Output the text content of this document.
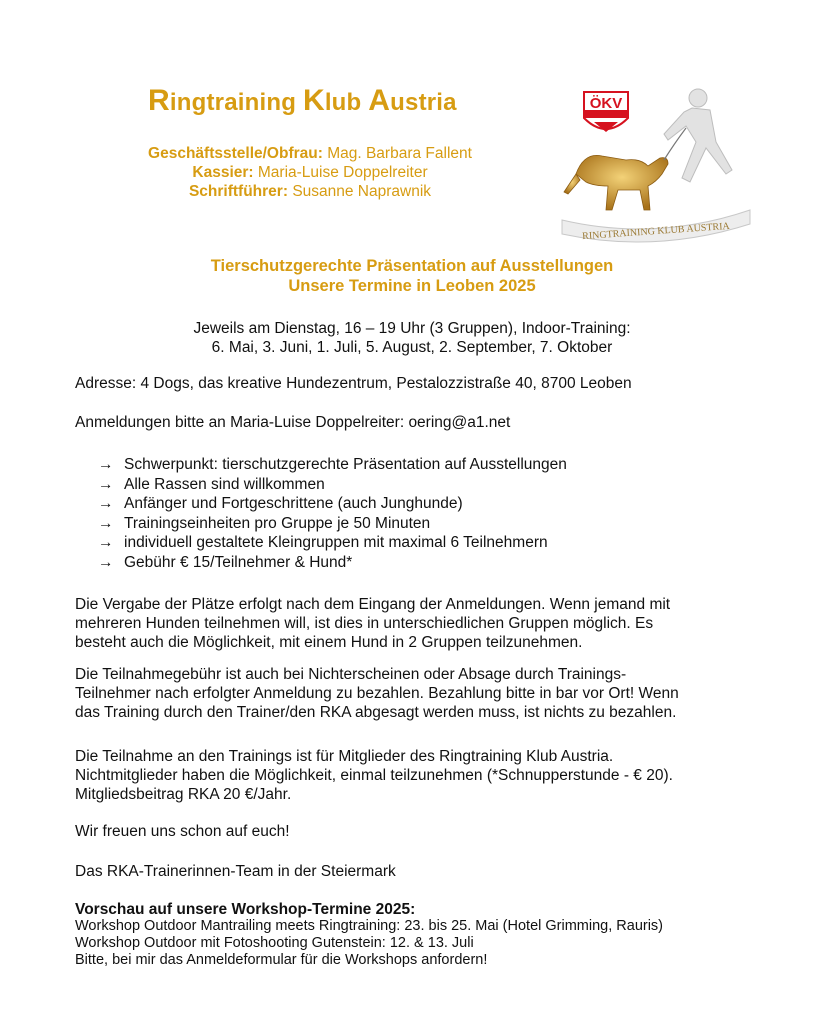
Ringtraining Klub Austria
Geschäftsstelle/Obfrau: Mag. Barbara Fallent
Kassier: Maria-Luise Doppelreiter
Schriftführer: Susanne Naprawnik
ÖKV
RINGTRAINING KLUB AUSTRIA
Tierschutzgerechte Präsentation auf Ausstellungen
Unsere Termine in Leoben 2025
Jeweils am Dienstag, 16 – 19 Uhr (3 Gruppen), Indoor-Training:
6. Mai, 3. Juni, 1. Juli, 5. August, 2. September, 7. Oktober

Adresse: 4 Dogs, das kreative Hundezentrum, Pestalozzistraße 40, 8700 Leoben

Anmeldungen bitte an Maria-Luise Doppelreiter: oering@a1.net

→ Schwerpunkt: tierschutzgerechte Präsentation auf Ausstellungen
→ Alle Rassen sind willkommen
→ Anfänger und Fortgeschrittene (auch Junghunde)
→ Trainingseinheiten pro Gruppe je 50 Minuten
→ individuell gestaltete Kleingruppen mit maximal 6 Teilnehmern
→ Gebühr € 15/Teilnehmer & Hund*
Die Vergabe der Plätze erfolgt nach dem Eingang der Anmeldungen. Wenn jemand mit
mehreren Hunden teilnehmen will, ist dies in unterschiedlichen Gruppen möglich. Es
besteht auch die Möglichkeit, mit einem Hund in 2 Gruppen teilzunehmen.
Die Teilnahmegebühr ist auch bei Nichterscheinen oder Absage durch Trainings-
Teilnehmer nach erfolgter Anmeldung zu bezahlen. Bezahlung bitte in bar vor Ort! Wenn
das Training durch den Trainer/den RKA abgesagt werden muss, ist nichts zu bezahlen.
Die Teilnahme an den Trainings ist für Mitglieder des Ringtraining Klub Austria.
Nichtmitglieder haben die Möglichkeit, einmal teilzunehmen (*Schnupperstunde - € 20).
Mitgliedsbeitrag RKA 20 €/Jahr.

Wir freuen uns schon auf euch!

Das RKA-Trainerinnen-Team in der Steiermark

Vorschau auf unsere Workshop-Termine 2025:
Workshop Outdoor Mantrailing meets Ringtraining: 23. bis 25. Mai (Hotel Grimming, Rauris)
Workshop Outdoor mit Fotoshooting Gutenstein: 12. & 13. Juli
Bitte, bei mir das Anmeldeformular für die Workshops anfordern!
